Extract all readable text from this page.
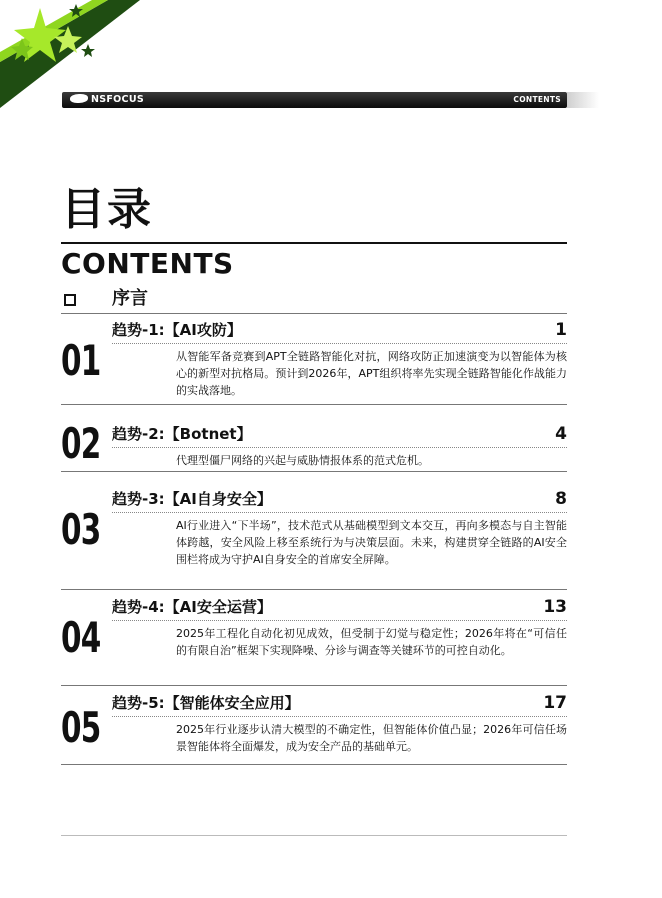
NSFOCUS	CONTENTS
目录
CONTENTS
序言
01
趋势-1:【AI攻防】	1

从智能军备竞赛到APT全链路智能化对抗，网络攻防正加速演变为以智能体为核心的新型对抗格局。预计到2026年，APT组织将率先实现全链路智能化作战能力的实战落地。

02 趋势-2:【Botnet】	4

代理型僵尸网络的兴起与威胁情报体系的范式危机。

03
趋势-3:【AI自身安全】	8

AI行业进入“下半场”，技术范式从基础模型到文本交互，再向多模态与自主智能体跨越，安全风险上移至系统行为与决策层面。未来，构建贯穿全链路的AI安全围栏将成为守护AI自身安全的首席安全屏障。

04
趋势-4:【AI安全运营】	13

2025年工程化自动化初见成效，但受制于幻觉与稳定性；2026年将在“可信任的有限自治”框架下实现降噪、分诊与调查等关键环节的可控自动化。

05 趋势-5:【智能体安全应用】	17

2025年行业逐步认清大模型的不确定性，但智能体价值凸显；2026年可信任场景智能体将全面爆发，成为安全产品的基础单元。
